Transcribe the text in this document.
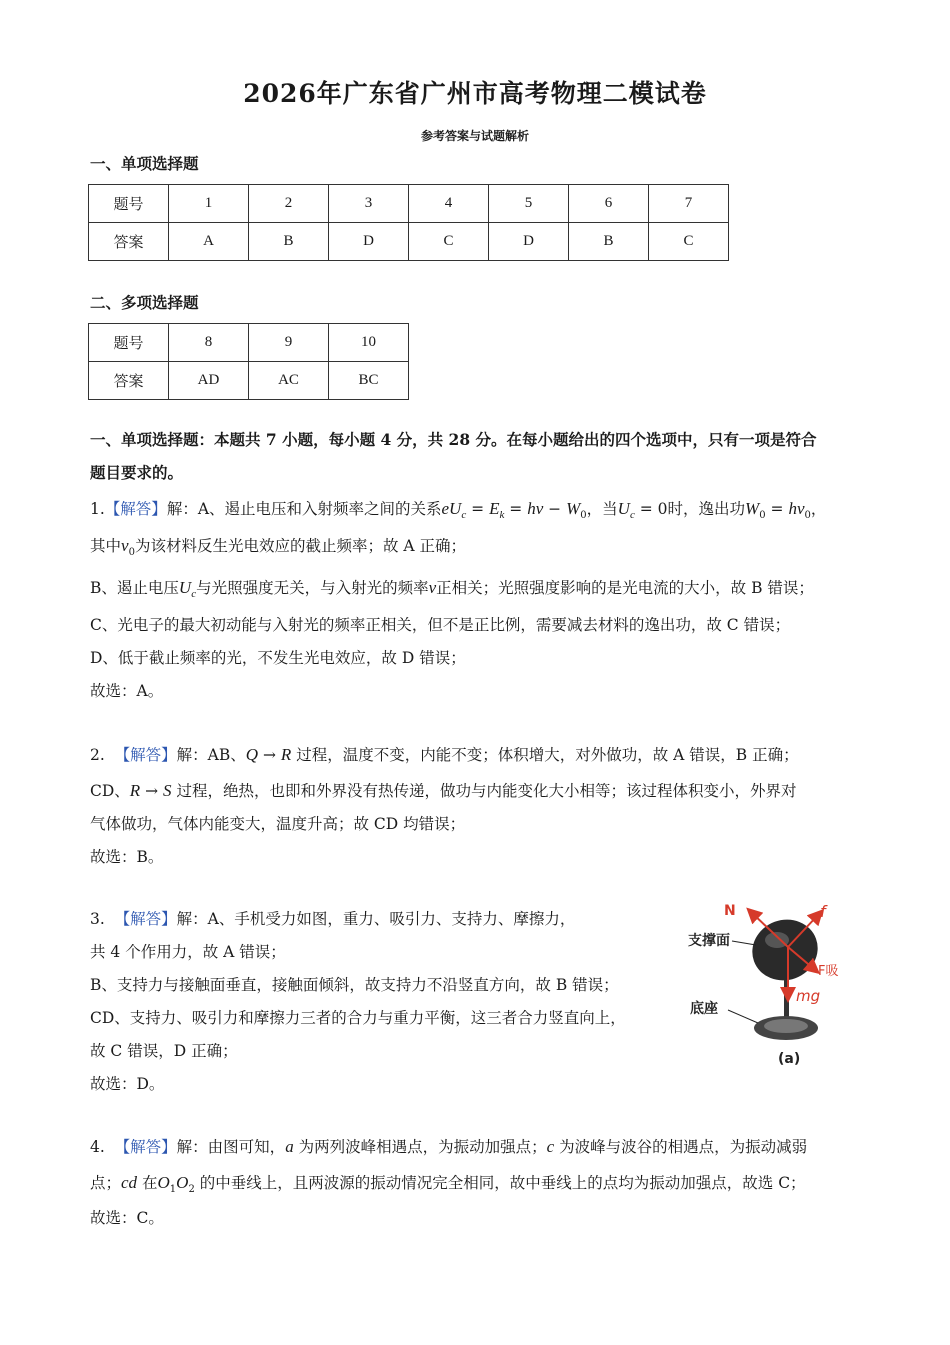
2026年广东省广州市高考物理二模试卷
参考答案与试题解析
一、单项选择题
题号	1	2	3	4	5	6	7
答案	A	B	D	C	D	B	C
二、多项选择题
题号	8	9	10
答案	AD	AC	BC
一、单项选择题：本题共 7 小题，每小题 4 分，共 28 分。在每小题给出的四个选项中，只有一项是符合
题目要求的。
1.【解答】解：A、遏止电压和入射频率之间的关系$eU_c = E_k = h\nu - W_0$，当$U_c = 0$时，逸出功$W_0 = h\nu_0$，
其中$\nu_0$为该材料反生光电效应的截止频率；故 A 正确；
B、遏止电压$U_c$与光照强度无关，与入射光的频率ν正相关；光照强度影响的是光电流的大小，故 B 错误；
C、光电子的最大初动能与入射光的频率正相关，但不是正比例，需要减去材料的逸出功，故 C 错误；
D、低于截止频率的光，不发生光电效应，故 D 错误；
故选：A。
2. 【解答】解：AB、Q → R 过程，温度不变，内能不变；体积增大，对外做功，故 A 错误，B 正确；
CD、R → S 过程，绝热，也即和外界没有热传递，做功与内能变化大小相等；该过程体积变小，外界对
气体做功，气体内能变大，温度升高；故 CD 均错误；
故选：B。
3. 【解答】解：A、手机受力如图，重力、吸引力、支持力、摩擦力，
共 4 个作用力，故 A 错误；
B、支持力与接触面垂直，接触面倾斜，故支持力不沿竖直方向，故 B 错误；
CD、支持力、吸引力和摩擦力三者的合力与重力平衡，这三者合力竖直向上，
故 C 错误，D 正确；
故选：D。
支撑面
底座
N	f
F吸
mg
(a)
4. 【解答】解：由图可知，a 为两列波峰相遇点，为振动加强点；c 为波峰与波谷的相遇点，为振动减弱
点；cd 在$O_1O_2$ 的中垂线上，且两波源的振动情况完全相同，故中垂线上的点均为振动加强点，故选 C；
故选：C。
